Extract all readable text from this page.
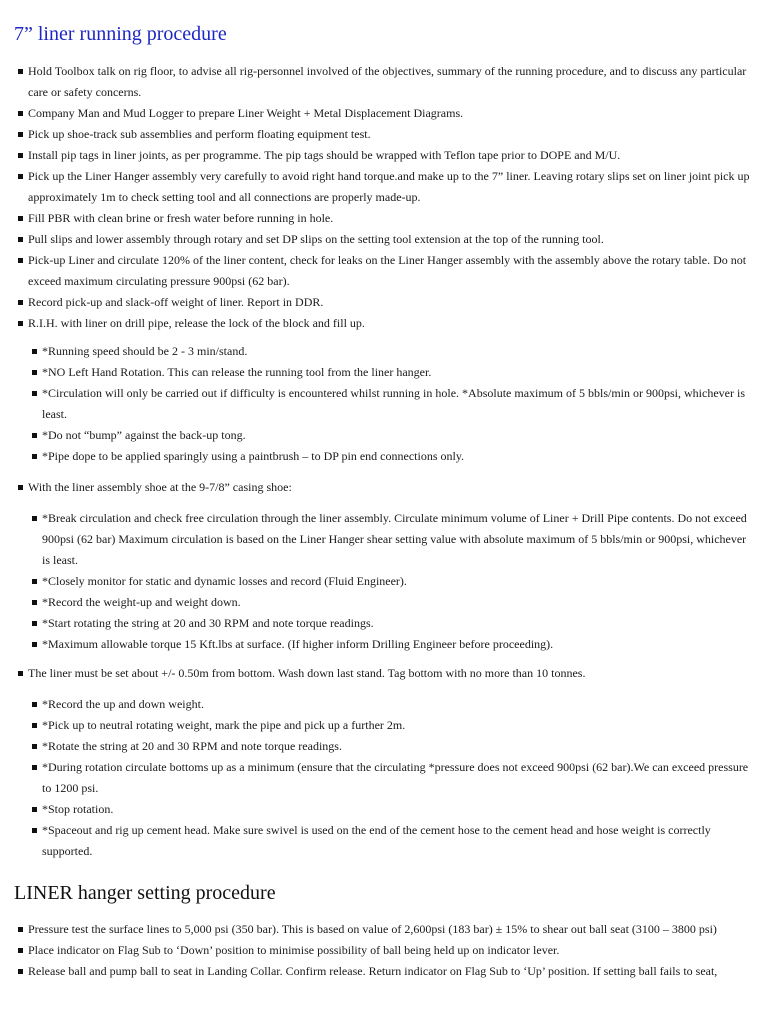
7” liner running procedure
Hold Toolbox talk on rig floor, to advise all rig-personnel involved of the objectives, summary of the running procedure, and to discuss any particular care or safety concerns.
Company Man and Mud Logger to prepare Liner Weight + Metal Displacement Diagrams.
Pick up shoe-track sub assemblies and perform floating equipment test.
Install pip tags in liner joints, as per programme. The pip tags should be wrapped with Teflon tape prior to DOPE and M/U.
Pick up the Liner Hanger assembly very carefully to avoid right hand torque.and make up to the 7” liner. Leaving rotary slips set on liner joint pick up approximately 1m to check setting tool and all connections are properly made-up.
Fill PBR with clean brine or fresh water before running in hole.
Pull slips and lower assembly through rotary and set DP slips on the setting tool extension at the top of the running tool.
Pick-up Liner and circulate 120% of the liner content, check for leaks on the Liner Hanger assembly with the assembly above the rotary table. Do not exceed maximum circulating pressure 900psi (62 bar).
Record pick-up and slack-off weight of liner. Report in DDR.
R.I.H. with liner on drill pipe, release the lock of the block and fill up.
*Running speed should be 2 - 3 min/stand.
*NO Left Hand Rotation. This can release the running tool from the liner hanger.
*Circulation will only be carried out if difficulty is encountered whilst running in hole. *Absolute maximum of 5 bbls/min or 900psi, whichever is least.
*Do not “bump” against the back-up tong.
*Pipe dope to be applied sparingly using a paintbrush – to DP pin end connections only.
With the liner assembly shoe at the 9-7/8” casing shoe:
*Break circulation and check free circulation through the liner assembly. Circulate minimum volume of Liner + Drill Pipe contents. Do not exceed 900psi (62 bar) Maximum circulation is based on the Liner Hanger shear setting value with absolute maximum of 5 bbls/min or 900psi, whichever is least.
*Closely monitor for static and dynamic losses and record (Fluid Engineer).
*Record the weight-up and weight down.
*Start rotating the string at 20 and 30 RPM and note torque readings.
*Maximum allowable torque 15 Kft.lbs at surface. (If higher inform Drilling Engineer before proceeding).
The liner must be set about +/- 0.50m from bottom. Wash down last stand. Tag bottom with no more than 10 tonnes.
*Record the up and down weight.
*Pick up to neutral rotating weight, mark the pipe and pick up a further 2m.
*Rotate the string at 20 and 30 RPM and note torque readings.
*During rotation circulate bottoms up as a minimum (ensure that the circulating *pressure does not exceed 900psi (62 bar).We can exceed pressure to 1200 psi.
*Stop rotation.
*Spaceout and rig up cement head. Make sure swivel is used on the end of the cement hose to the cement head and hose weight is correctly supported.
LINER hanger setting procedure
Pressure test the surface lines to 5,000 psi (350 bar). This is based on value of 2,600psi (183 bar) ± 15% to shear out ball seat (3100 – 3800 psi)
Place indicator on Flag Sub to ‘Down’ position to minimise possibility of ball being held up on indicator lever.
Release ball and pump ball to seat in Landing Collar. Confirm release. Return indicator on Flag Sub to ‘Up’ position. If setting ball fails to seat,
